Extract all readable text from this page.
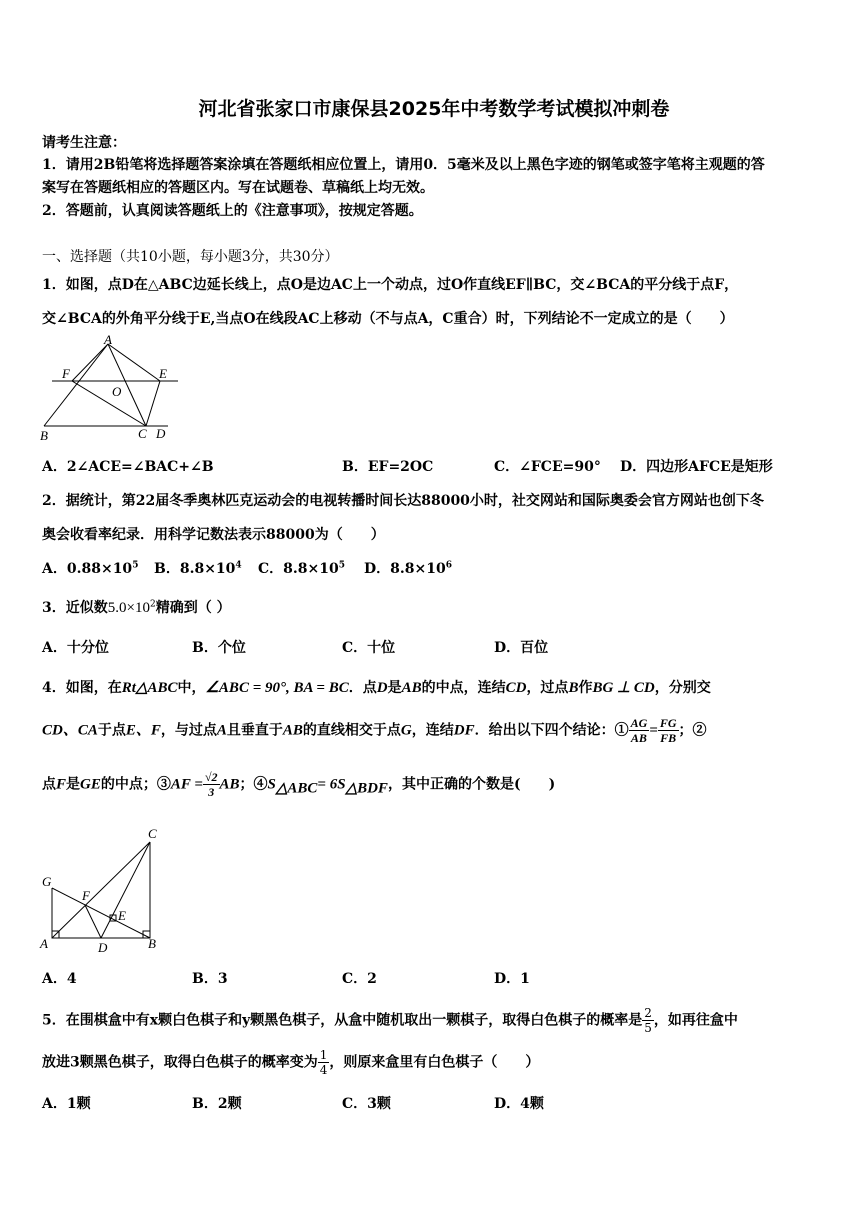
河北省张家口市康保县2025年中考数学考试模拟冲刺卷
请考生注意：
1．请用2B铅笔将选择题答案涂填在答题纸相应位置上，请用0．5毫米及以上黑色字迹的钢笔或签字笔将主观题的答
案写在答题纸相应的答题区内。写在试题卷、草稿纸上均无效。
2．答题前，认真阅读答题纸上的《注意事项》，按规定答题。
一、选择题（共10小题，每小题3分，共30分）
1．如图，点D在△ABC边延长线上，点O是边AC上一个动点，过O作直线EF∥BC，交∠BCA的平分线于点F，
交∠BCA的外角平分线于E,当点O在线段AC上移动（不与点A，C重合）时，下列结论不一定成立的是（　　）
A
F
O
E
B	C D
A．2∠ACE=∠BAC+∠B	B．EF=2OC	C．∠FCE=90° D．四边形AFCE是矩形
2．据统计，第22届冬季奥林匹克运动会的电视转播时间长达88000小时，社交网站和国际奥委会官方网站也创下冬
奥会收看率纪录．用科学记数法表示88000为（　　）
A．$0.88\times 10^5$ B．$8.8\times 10^4$ C．$8.8\times 10^5$ D．$8.8\times 10^6$
3．近似数$5.0\times 10^2$精确到（ ）
A．十分位	B．个位	C．十位	D．百位
4．如图，在Rt△ABC中，∠ABC = 90°, BA = BC．点D是AB的中点，连结CD，过点B作BG ⊥ CD，分别交
CD、CA于点E、F，与过点A且垂直于AB的直线相交于点G，连结DF．给出以下四个结论：① $\frac{AG}{AB} = \frac{FG}{FB}$ ；②
点F是GE的中点；③AF = $\frac{√2}{3}$ AB；$④S_{\triangle ABC}= 6S_{\triangle BDF}$，其中正确的个数是(　　)
C
G
F
E
A	D	B
A．4	B．3	C．2	D．1
5．在围棋盒中有x颗白色棋子和y颗黑色棋子，从盒中随机取出一颗棋子，取得白色棋子的概率是 $\frac{2}{5}$ ，如再往盒中
放进3颗黑色棋子，取得白色棋子的概率变为 $\frac{1}{4}$ ，则原来盒里有白色棋子（　　）
A．1颗	B．2颗	C．3颗	D．4颗
